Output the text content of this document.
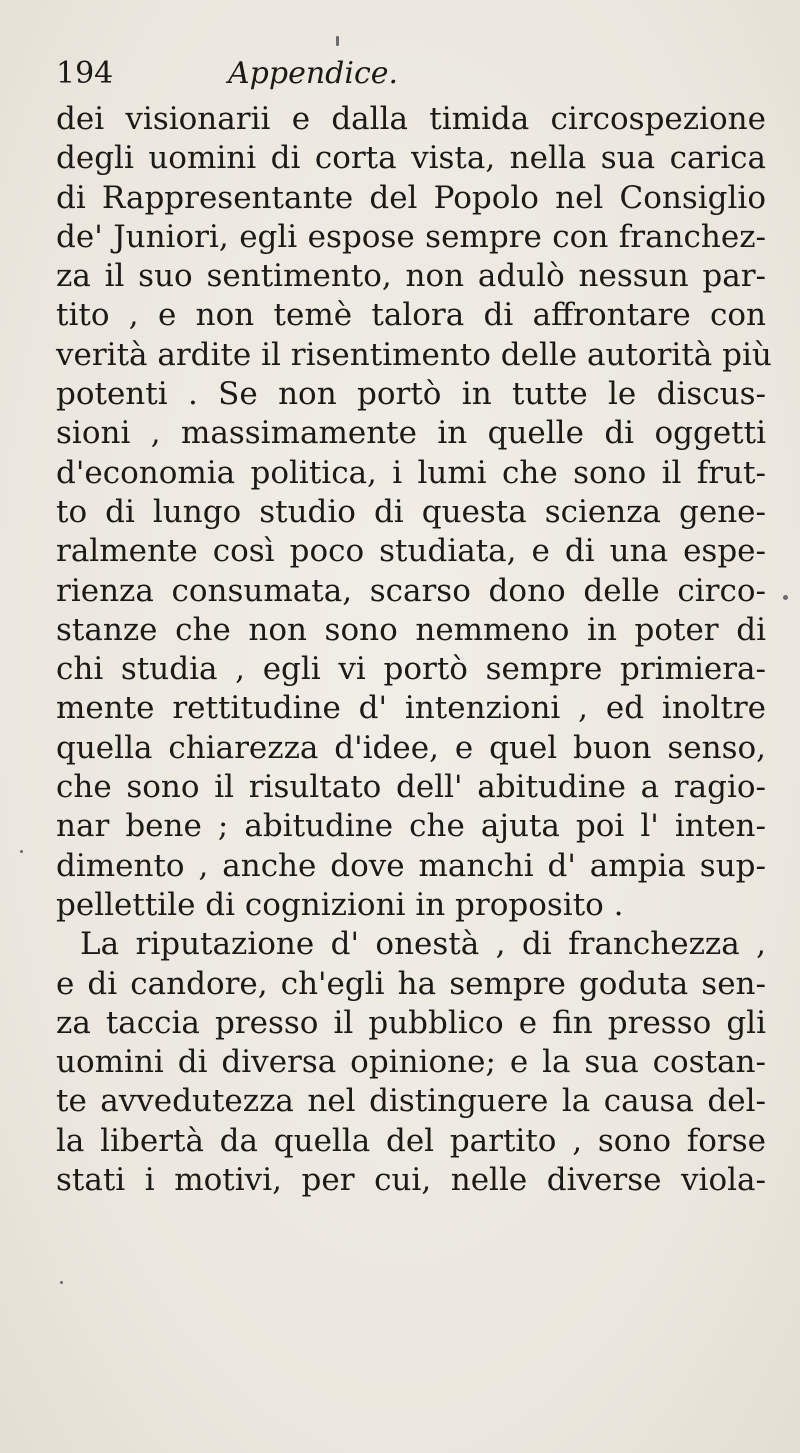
194	Appendice.
dei visionarii e dalla timida circospezione
degli uomini di corta vista, nella sua carica
di Rappresentante del Popolo nel Consiglio
de' Juniori, egli espose sempre con franchez-
za il suo sentimento, non adulò nessun par-
tito , e non temè talora di affrontare con
verità ardite il risentimento delle autorità più
potenti . Se non portò in tutte le discus-
sioni , massimamente in quelle di oggetti
d'economia politica, i lumi che sono il frut-
to di lungo studio di questa scienza gene-
ralmente così poco studiata, e di una espe-
rienza consumata, scarso dono delle circo-
stanze che non sono nemmeno in poter di
chi studia , egli vi portò sempre primiera-
mente rettitudine d' intenzioni , ed inoltre
quella chiarezza d'idee, e quel buon senso,
che sono il risultato dell' abitudine a ragio-
nar bene ; abitudine che ajuta poi l' inten-
dimento , anche dove manchi d' ampia sup-
pellettile di cognizioni in proposito .
La riputazione d' onestà , di franchezza ,
e di candore, ch'egli ha sempre goduta sen-
za taccia presso il pubblico e fin presso gli
uomini di diversa opinione; e la sua costan-
te avvedutezza nel distinguere la causa del-
la libertà da quella del partito , sono forse
stati i motivi, per cui, nelle diverse viola-
